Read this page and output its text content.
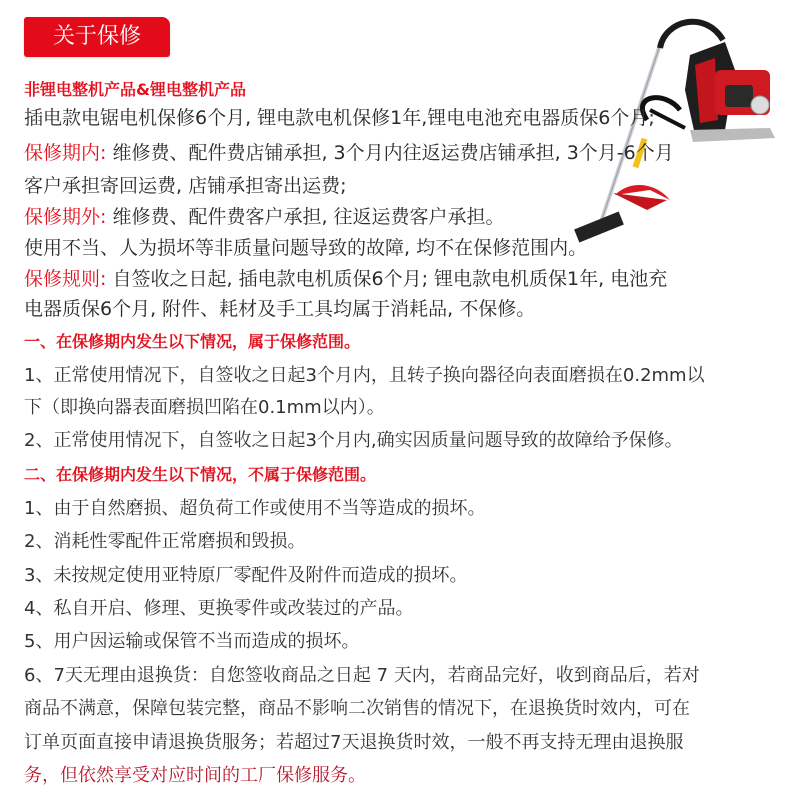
关于保修
非锂电整机产品&锂电整机产品
插电款电锯电机保修6个月, 锂电款电机保修1年,锂电电池充电器质保6个月;
保修期内: 维修费、配件费店铺承担, 3个月内往返运费店铺承担, 3个月-6个月
客户承担寄回运费, 店铺承担寄出运费;
保修期外: 维修费、配件费客户承担, 往返运费客户承担。
使用不当、人为损坏等非质量问题导致的故障, 均不在保修范围内。
保修规则: 自签收之日起, 插电款电机质保6个月; 锂电款电机质保1年, 电池充
电器质保6个月, 附件、耗材及手工具均属于消耗品, 不保修。
一、在保修期内发生以下情况，属于保修范围。
1、正常使用情况下，自签收之日起3个月内，且转子换向器径向表面磨损在0.2mm以
下（即换向器表面磨损凹陷在0.1mm以内）。
2、正常使用情况下，自签收之日起3个月内,确实因质量问题导致的故障给予保修。
二、在保修期内发生以下情况，不属于保修范围。
1、由于自然磨损、超负荷工作或使用不当等造成的损坏。
2、消耗性零配件正常磨损和毁损。
3、未按规定使用亚特原厂零配件及附件而造成的损坏。
4、私自开启、修理、更换零件或改装过的产品。
5、用户因运输或保管不当而造成的损坏。
6、7天无理由退换货：自您签收商品之日起 7 天内，若商品完好，收到商品后，若对
商品不满意，保障包装完整，商品不影响二次销售的情况下，在退换货时效内，可在
订单页面直接申请退换货服务；若超过7天退换货时效，一般不再支持无理由退换服
务，但依然享受对应时间的工厂保修服务。
